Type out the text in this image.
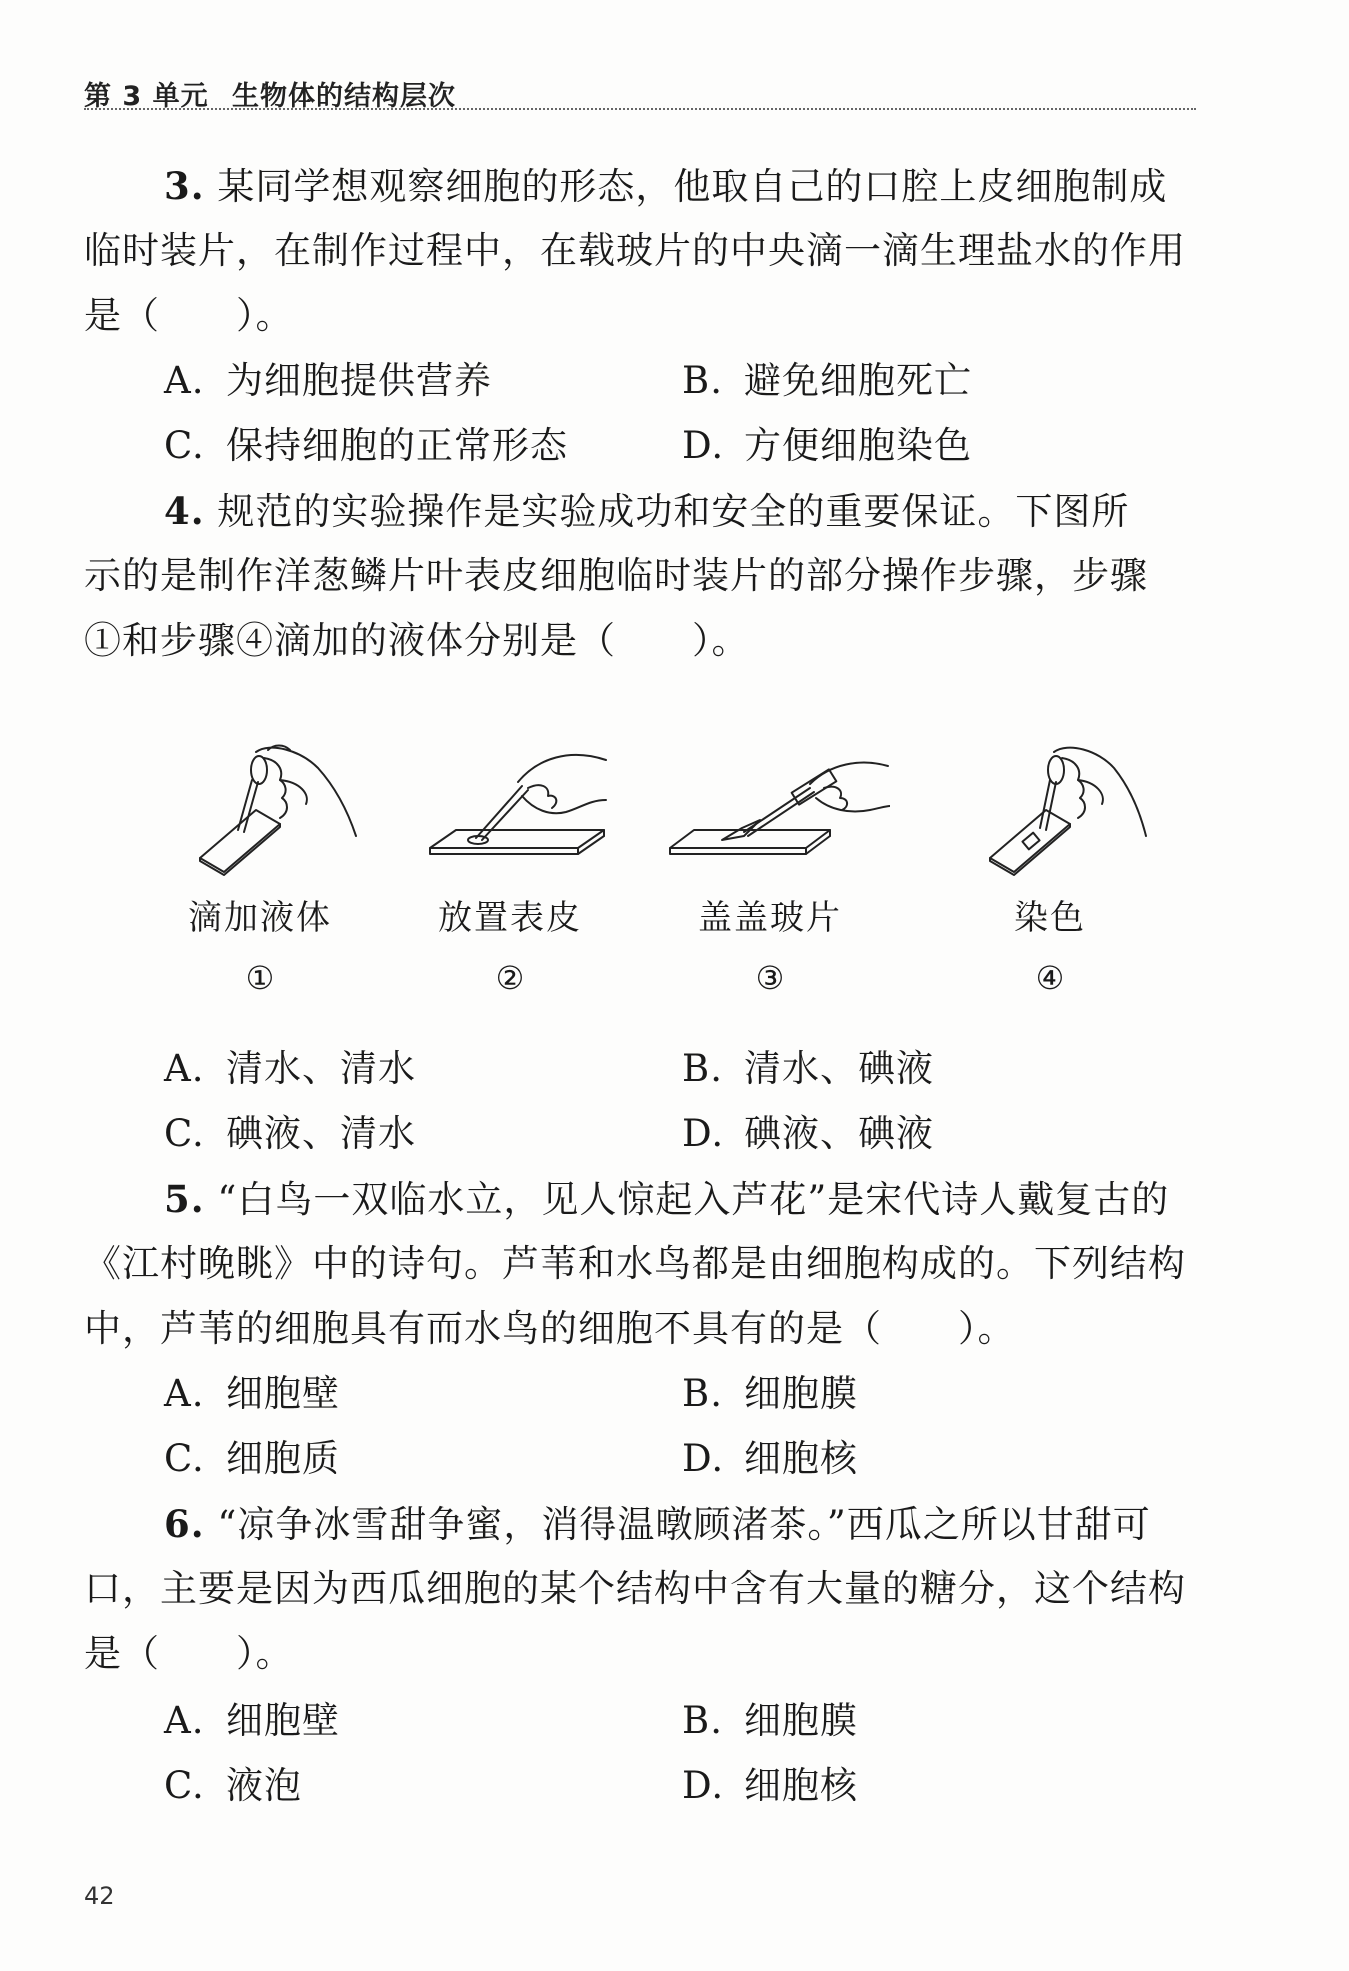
第 3 单元 生物体的结构层次
3. 某同学想观察细胞的形态，他取自己的口腔上皮细胞制成
临时装片，在制作过程中，在载玻片的中央滴一滴生理盐水的作用
是（　　）。
A. 为细胞提供营养	B. 避免细胞死亡
C. 保持细胞的正常形态	D. 方便细胞染色
4. 规范的实验操作是实验成功和安全的重要保证。下图所
示的是制作洋葱鳞片叶表皮细胞临时装片的部分操作步骤，步骤
①和步骤④滴加的液体分别是（　　）。
滴加液体
①
放置表皮
②
盖盖玻片
③
染色
④
A. 清水、清水	B. 清水、碘液
C. 碘液、清水	D. 碘液、碘液
5. “白鸟一双临水立，见人惊起入芦花”是宋代诗人戴复古的
《江村晚眺》中的诗句。芦苇和水鸟都是由细胞构成的。下列结构
中，芦苇的细胞具有而水鸟的细胞不具有的是（　　）。
A. 细胞壁	B. 细胞膜
C. 细胞质	D. 细胞核
6. “凉争冰雪甜争蜜，消得温暾顾渚茶。”西瓜之所以甘甜可
口，主要是因为西瓜细胞的某个结构中含有大量的糖分，这个结构
是（　　）。
A. 细胞壁	B. 细胞膜
C. 液泡	D. 细胞核
42
